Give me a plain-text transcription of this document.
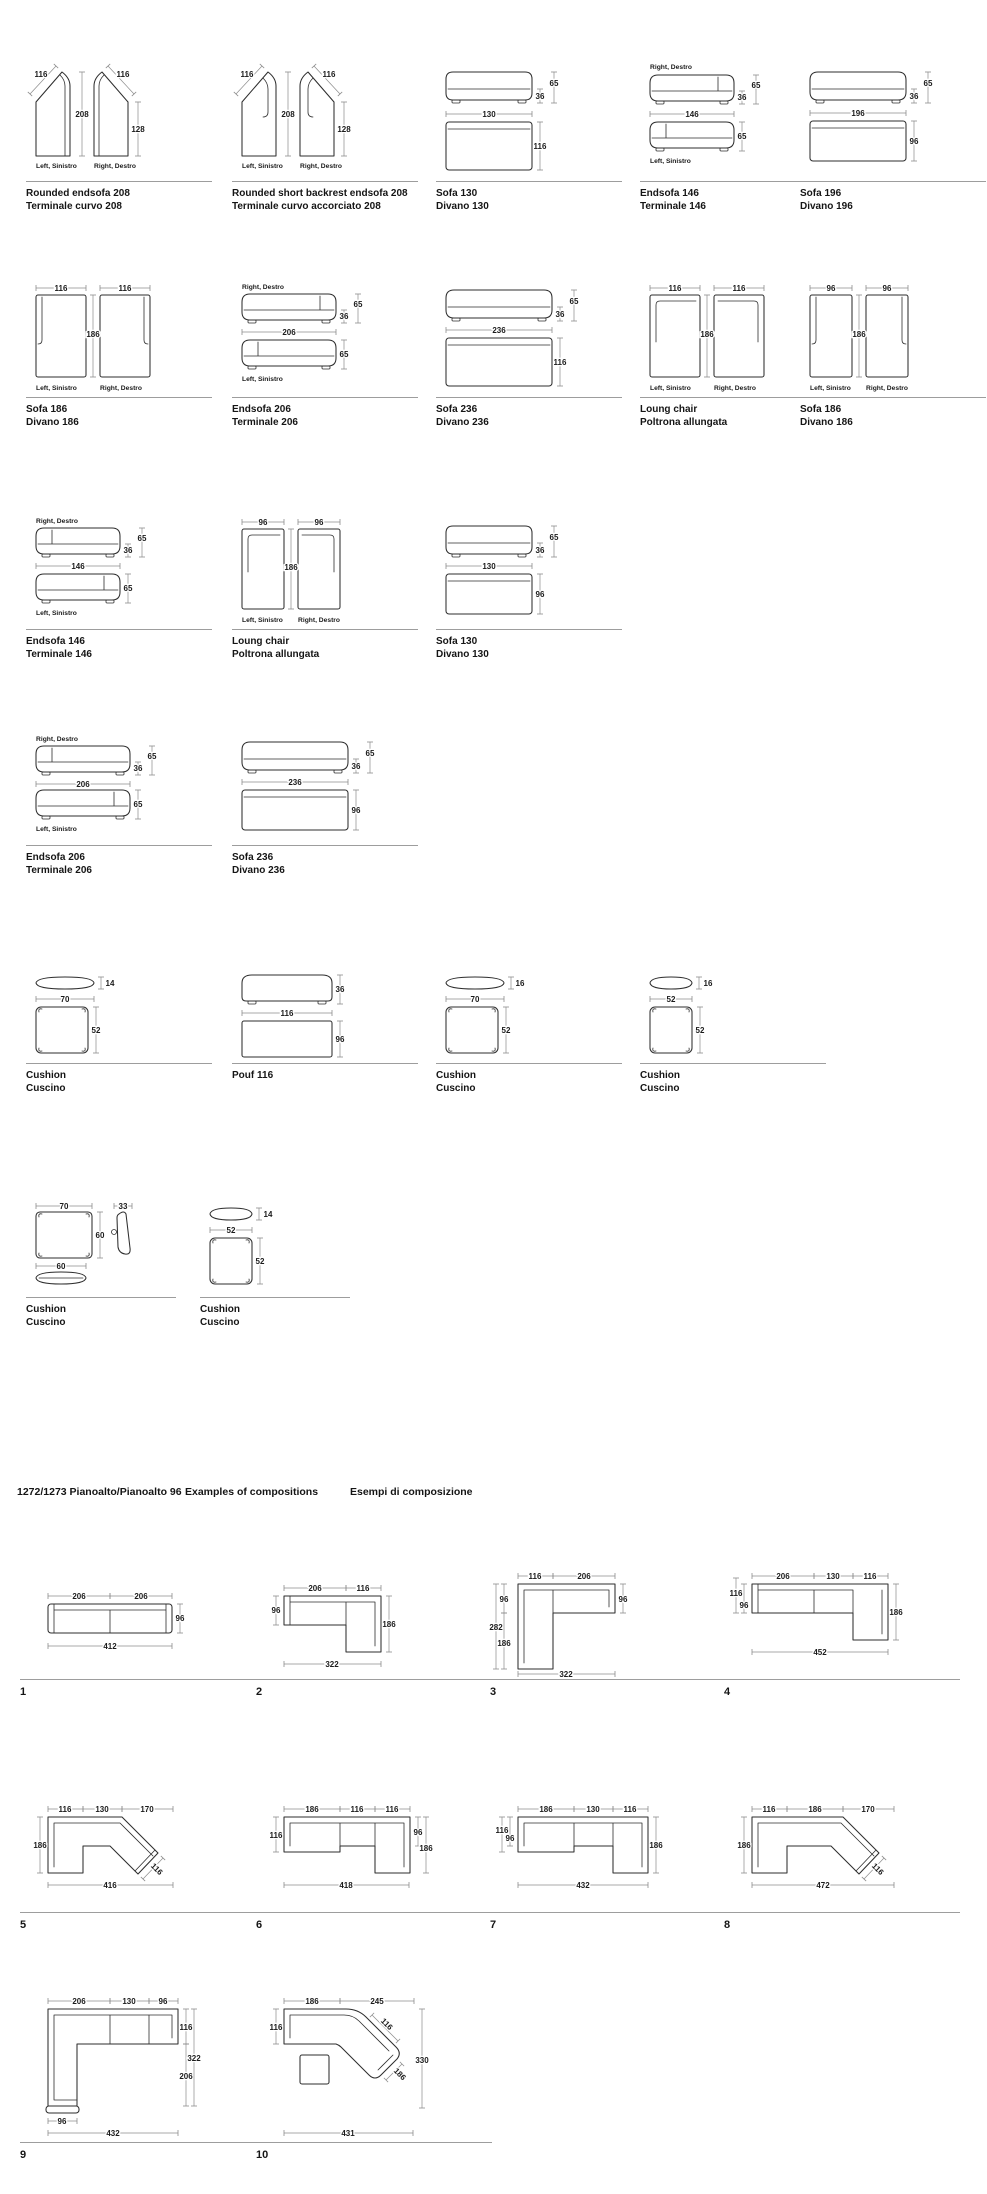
116	116
208
128
Left, Sinistro	Right, Destro
Rounded endsofa 208
Terminale curvo 208
116	116
208
128
Left, Sinistro	Right, Destro
Rounded short backrest endsofa 208
Terminale curvo accorciato 208
36
65
130
116
Sofa 130
Divano 130
Right, Destro
36
65
146
65
Left, Sinistro
Endsofa 146
Terminale 146
36
65
196
96
Sofa 196
Divano 196
116	116
186
Left, Sinistro	Right, Destro
Sofa 186
Divano 186
Right, Destro
36
65
206
65
Left, Sinistro
Endsofa 206
Terminale 206
36
65
236
116
Sofa 236
Divano 236
116	116
186
Left, Sinistro	Right, Destro
Loung chair
Poltrona allungata
96	96
186
Left, Sinistro Right, Destro
Sofa 186
Divano 186
Right, Destro
36
65
146
65
Left, Sinistro
Endsofa 146
Terminale 146
96	96
186
Left, Sinistro Right, Destro
Loung chair
Poltrona allungata
36
65
130
96
Sofa 130
Divano 130
Right, Destro
36
65
206
65
Left, Sinistro
Endsofa 206
Terminale 206
36
65
236
96
Sofa 236
Divano 236
14
70
52
Cushion
Cuscino
36
116
96
Pouf 116
16
70
52
Cushion
Cuscino
16
52
52
Cushion
Cuscino
70	33
60
60
Cushion
Cuscino
14
52
52
Cushion
Cuscino
1272/1273 Pianoalto/Pianoalto 96 Examples of compositions	Esempi di composizione
206	206
96
412
1
206	116
96
186
322
2
116	206
282
96
186
96
322
3
206	130	116
116
96
186
452
4
116	130	170
186
116
416
5
186	116	116
116	96
186
418
6
186	130	116
116
96
186
432
7
116	186	170
186
116
472
8
206	130	96
116
206
322
96
432
9
186	245
116	116
186
330
431
10
